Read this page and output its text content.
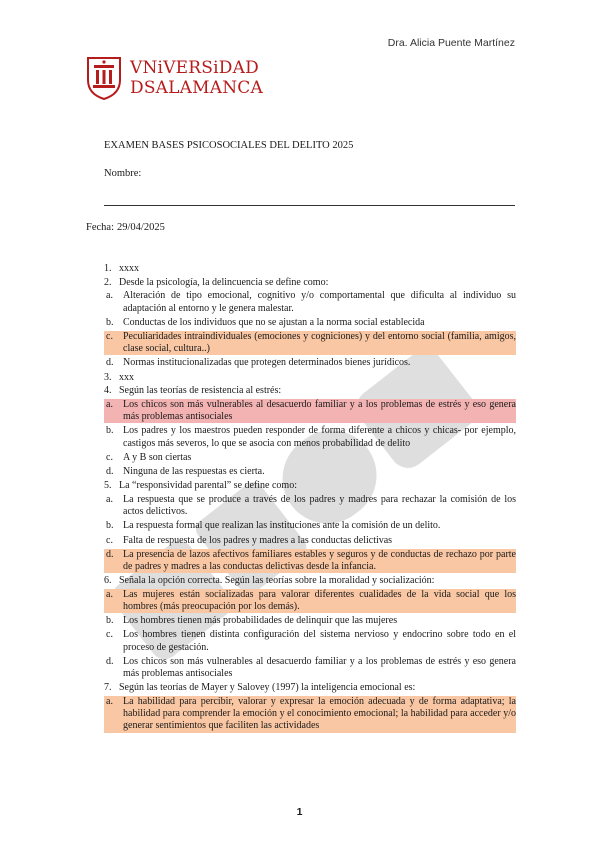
Dra. Alicia Puente Martínez
VNiVERSiDAD
DSALAMANCA
EXAMEN BASES PSICOSOCIALES DEL DELITO 2025
Nombre:
Fecha: 29/04/2025
1. xxxx
2. Desde la psicología, la delincuencia se define como:
a. Alteración de tipo emocional, cognitivo y/o comportamental que dificulta al individuo su adaptación al entorno y le genera malestar.
b. Conductas de los individuos que no se ajustan a la norma social establecida
c. Peculiaridades intraindividuales (emociones y cogniciones) y del entorno social (familia, amigos, clase social, cultura..)
d. Normas institucionalizadas que protegen determinados bienes jurídicos.
3. xxx
4. Según las teorías de resistencia al estrés:
a. Los chicos son más vulnerables al desacuerdo familiar y a los problemas de estrés y eso genera más problemas antisociales
b. Los padres y los maestros pueden responder de forma diferente a chicos y chicas- por ejemplo, castigos más severos, lo que se asocia con menos probabilidad de delito
c. A y B son ciertas
d. Ninguna de las respuestas es cierta.
5. La “responsividad parental” se define como:
a. La respuesta que se produce a través de los padres y madres para rechazar la comisión de los actos delictivos.
b. La respuesta formal que realizan las instituciones ante la comisión de un delito.
c. Falta de respuesta de los padres y madres a las conductas delictivas
d. La presencia de lazos afectivos familiares estables y seguros y de conductas de rechazo por parte de padres y madres a las conductas delictivas desde la infancia.
6. Señala la opción correcta. Según las teorías sobre la moralidad y socialización:
a. Las mujeres están socializadas para valorar diferentes cualidades de la vida social que los hombres (más preocupación por los demás).
b. Los hombres tienen más probabilidades de delinquir que las mujeres
c. Los hombres tienen distinta configuración del sistema nervioso y endocrino sobre todo en el proceso de gestación.
d. Los chicos son más vulnerables al desacuerdo familiar y a los problemas de estrés y eso genera más problemas antisociales
7. Según las teorías de Mayer y Salovey (1997) la inteligencia emocional es:
a. La habilidad para percibir, valorar y expresar la emoción adecuada y de forma adaptativa; la habilidad para comprender la emoción y el conocimiento emocional; la habilidad para acceder y/o generar sentimientos que faciliten las actividades
1
